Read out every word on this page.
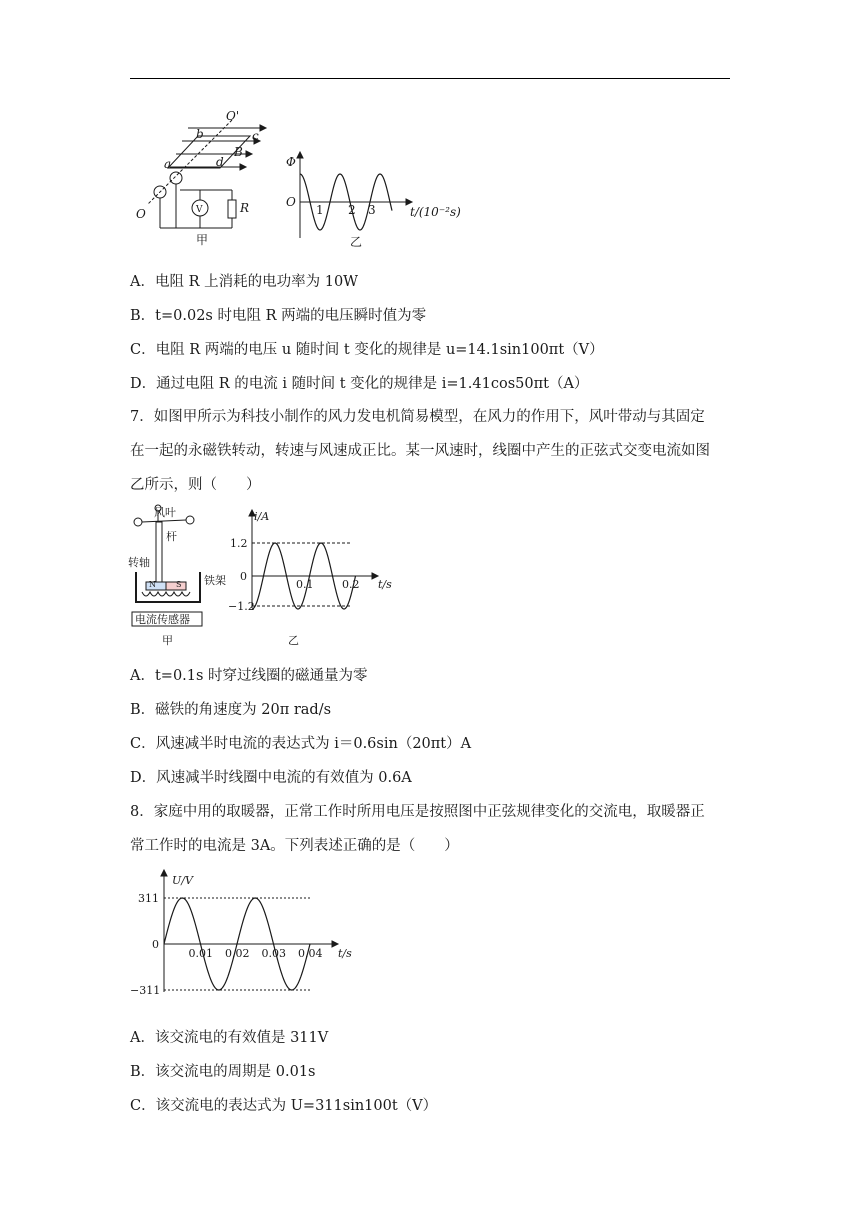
O'
b	c
B
a	d
O	V	R
甲
Φ
O
1 2 3	t/(10⁻²s)
乙
A．电阻 R 上消耗的电功率为 10W
B．t=0.02s 时电阻 R 两端的电压瞬时值为零
C．电阻 R 两端的电压 u 随时间 t 变化的规律是 u=14.1sin100πt（V）
D．通过电阻 R 的电流 i 随时间 t 变化的规律是 i=1.41cos50πt（A）
7．如图甲所示为科技小制作的风力发电机简易模型，在风力的作用下，风叶带动与其固定
在一起的永磁铁转动，转速与风速成正比。某一风速时，线圈中产生的正弦式交变电流如图
乙所示，则（　　）
风叶
杆
转轴
铁架
N	S
电流传感器
甲
i/A
1.2
0
−1.2
0.1	0.2 t/s
乙
A．t=0.1s 时穿过线圈的磁通量为零
B．磁铁的角速度为 20π rad/s
C．风速减半时电流的表达式为 i＝0.6sin（20πt）A
D．风速减半时线圈中电流的有效值为 0.6A
8．家庭中用的取暖器，正常工作时所用电压是按照图中正弦规律变化的交流电，取暖器正
常工作时的电流是 3A。下列表述正确的是（　　）
U/V
311
0
−311
0.01 0.02 0.03 0.04 t/s
A．该交流电的有效值是 311V
B．该交流电的周期是 0.01s
C．该交流电的表达式为 U=311sin100t（V）
